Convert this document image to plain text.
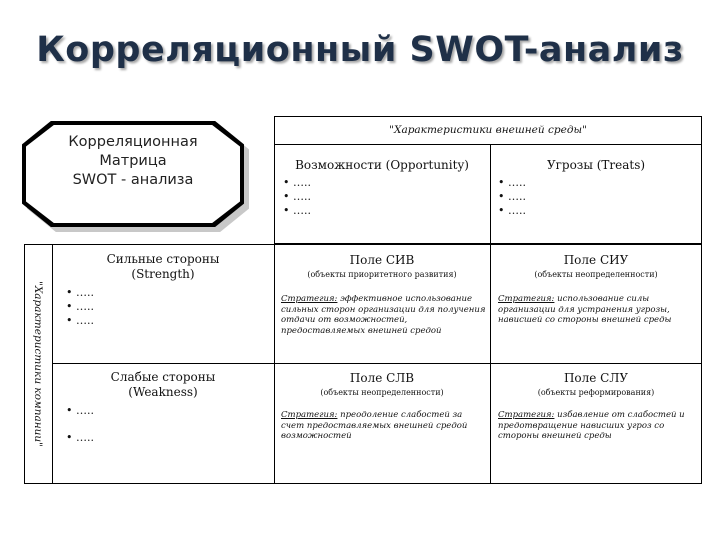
Корреляционный SWOT-анализ
Корреляционная
Матрица
SWOT - анализа
"Характеристики внешней среды"
Возможности (Opportunity)
• …..
• …..
• …..
Угрозы (Treats)
• …..
• …..
• …..
"Характеристики компании"
Сильные стороны
(Strength)
• …..
• …..
• …..
Слабые стороны
(Weakness)
• …..
• …..
Поле СИВ
(объекты приоритетного развития)
Стратегия: эффективное использование сильных сторон организации для получения отдачи от возможностей, предоставляемых внешней средой
Поле СИУ
(объекты неопределенности)
Стратегия: использование силы организации для устранения угрозы, нависшей со стороны внешней среды
Поле СЛВ
(объекты неопределенности)
Стратегия: преодоление слабостей за счет предоставляемых внешней средой возможностей
Поле СЛУ
(объекты реформирования)
Стратегия: избавление от слабостей и предотвращение нависших угроз со стороны внешней среды
